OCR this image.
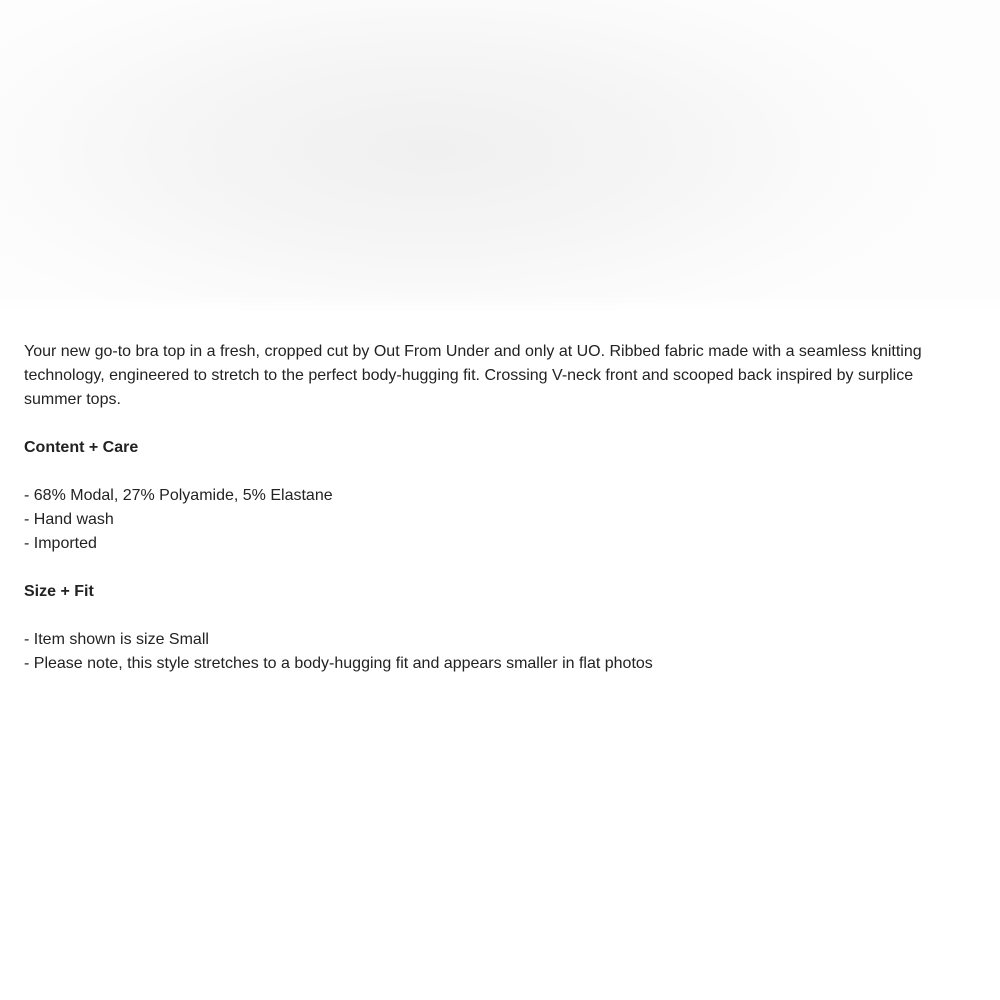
Your new go-to bra top in a fresh, cropped cut by Out From Under and only at UO. Ribbed fabric made with a seamless knitting technology, engineered to stretch to the perfect body-hugging fit. Crossing V-neck front and scooped back inspired by surplice summer tops.

Content + Care

- 68% Modal, 27% Polyamide, 5% Elastane
- Hand wash
- Imported

Size + Fit

- Item shown is size Small
- Please note, this style stretches to a body-hugging fit and appears smaller in flat photos
